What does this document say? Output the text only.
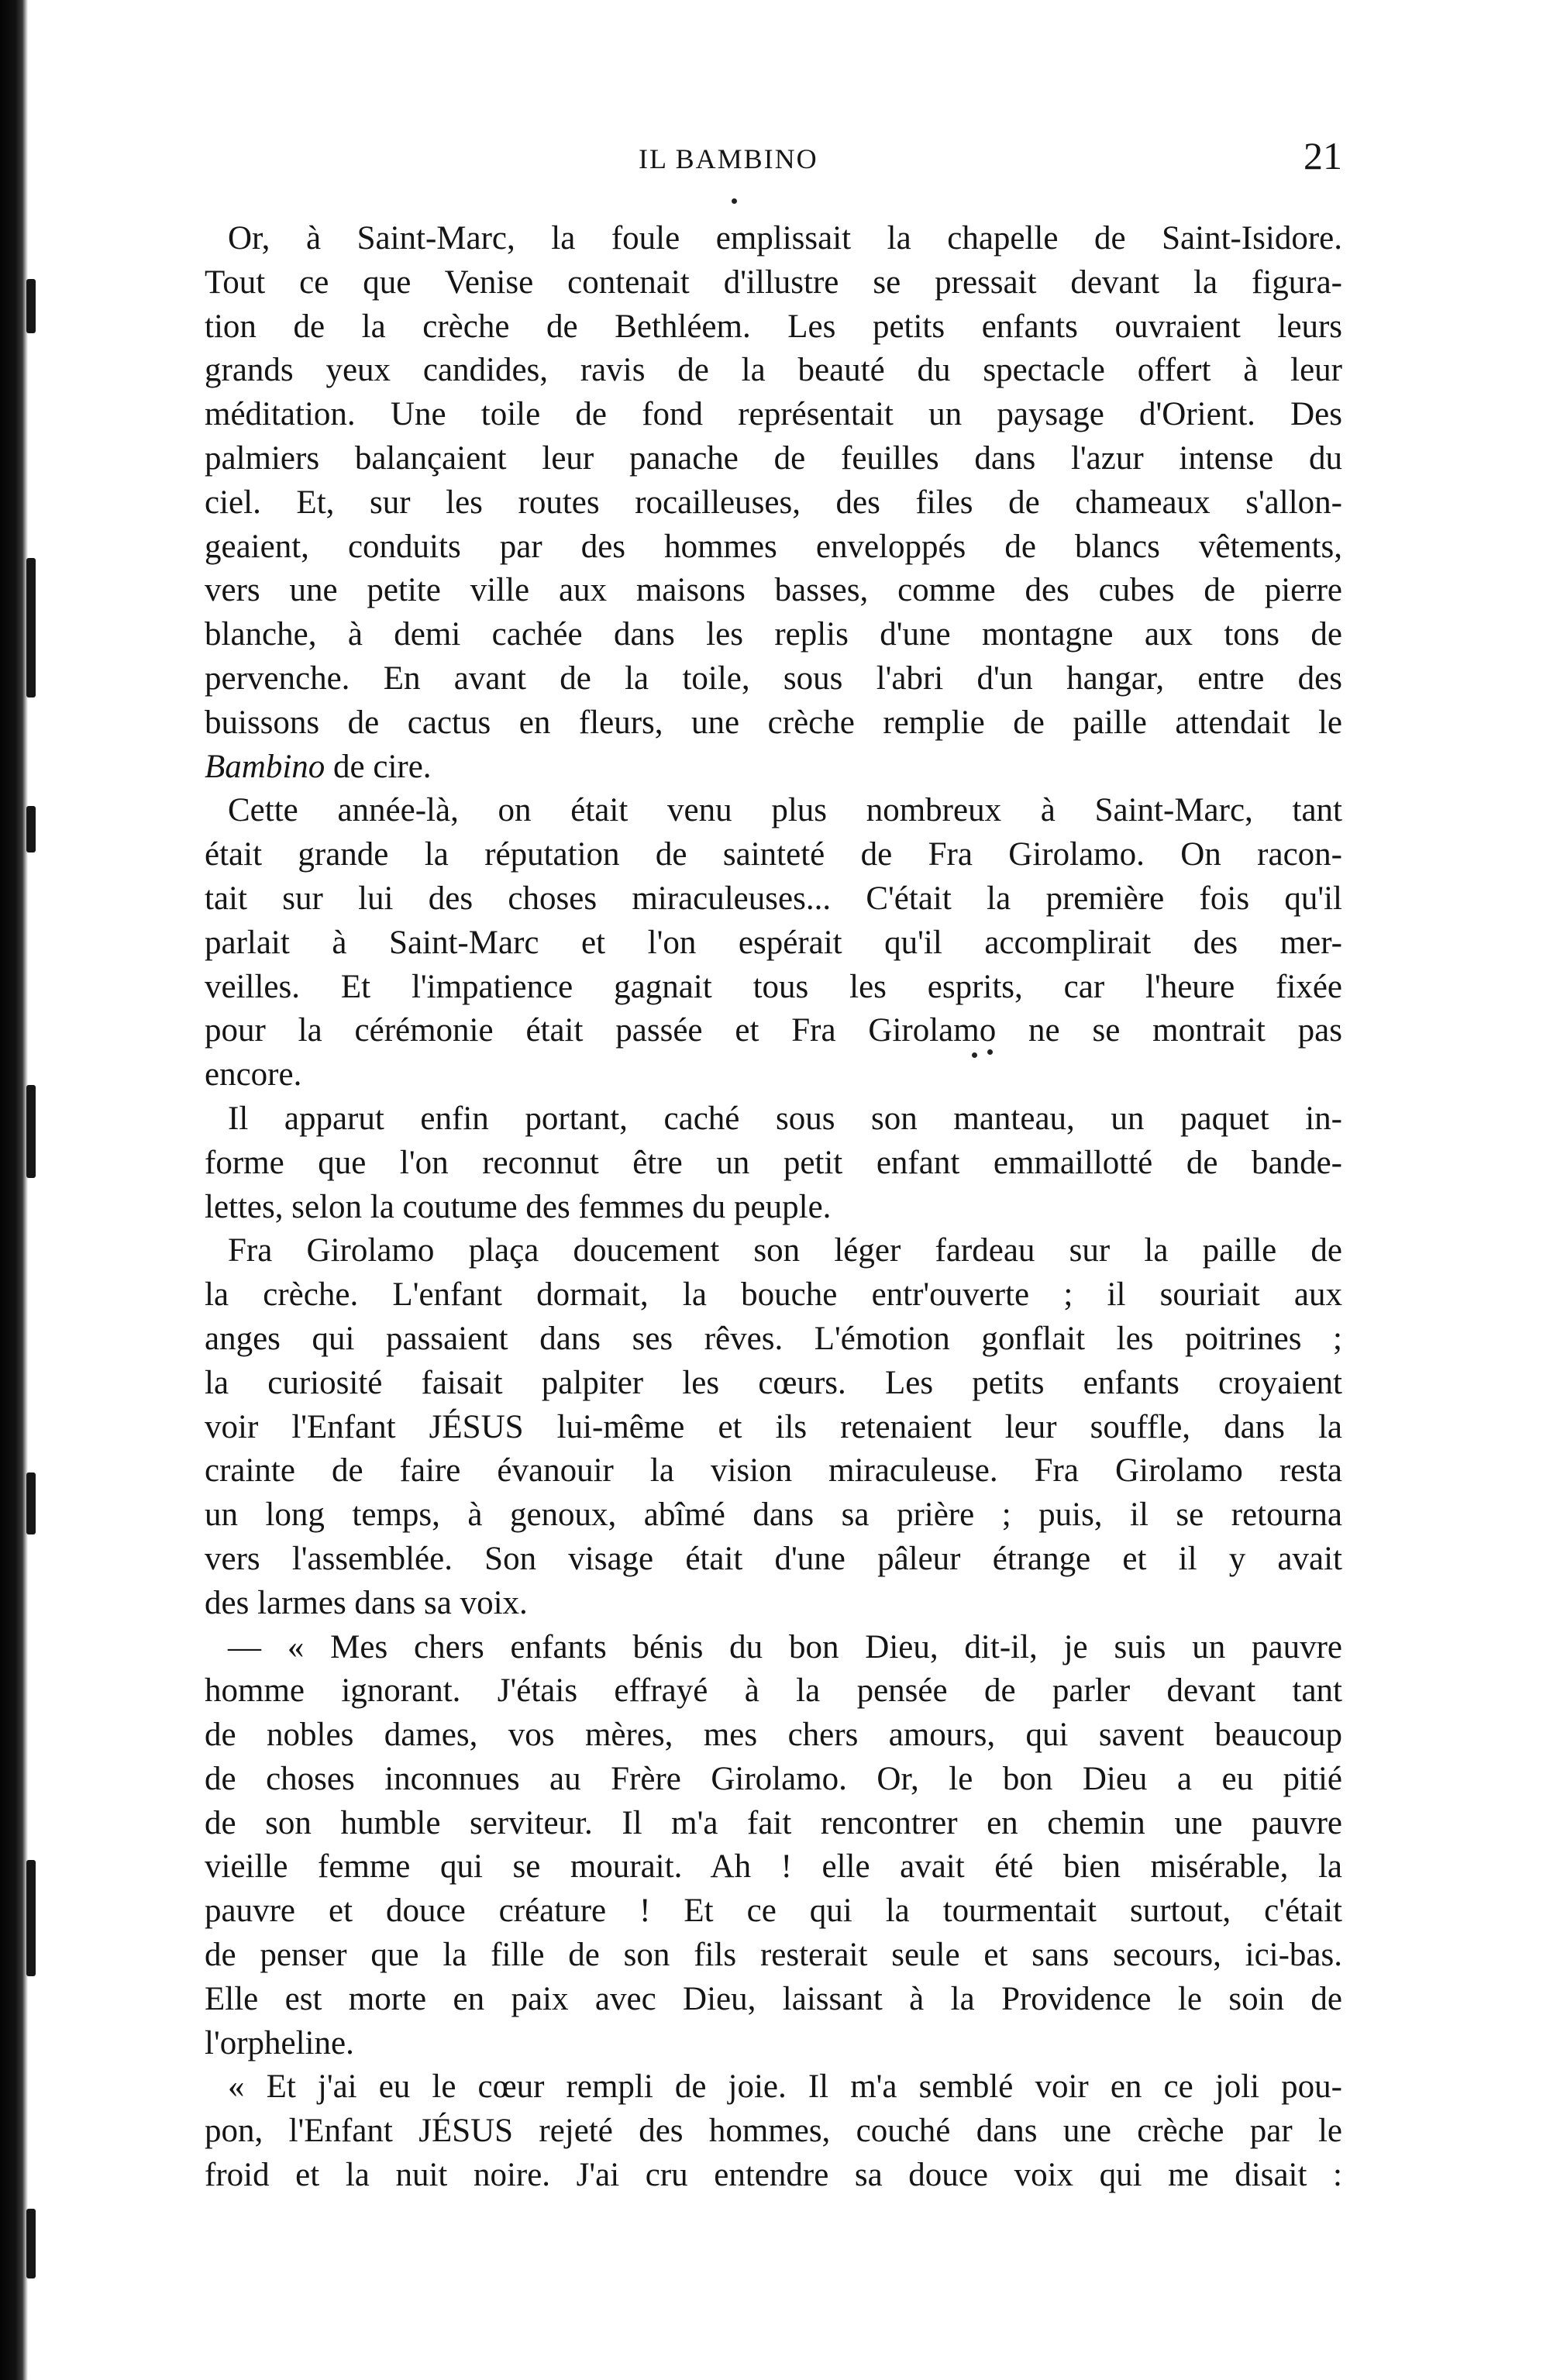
IL BAMBINO	21
Or, à Saint-Marc, la foule emplissait la chapelle de Saint-Isidore.
Tout ce que Venise contenait d'illustre se pressait devant la figura-
tion de la crèche de Bethléem. Les petits enfants ouvraient leurs
grands yeux candides, ravis de la beauté du spectacle offert à leur
méditation. Une toile de fond représentait un paysage d'Orient. Des
palmiers balançaient leur panache de feuilles dans l'azur intense du
ciel. Et, sur les routes rocailleuses, des files de chameaux s'allon-
geaient, conduits par des hommes enveloppés de blancs vêtements,
vers une petite ville aux maisons basses, comme des cubes de pierre
blanche, à demi cachée dans les replis d'une montagne aux tons de
pervenche. En avant de la toile, sous l'abri d'un hangar, entre des
buissons de cactus en fleurs, une crèche remplie de paille attendait le
Bambino de cire.
Cette année-là, on était venu plus nombreux à Saint-Marc, tant
était grande la réputation de sainteté de Fra Girolamo. On racon-
tait sur lui des choses miraculeuses... C'était la première fois qu'il
parlait à Saint-Marc et l'on espérait qu'il accomplirait des mer-
veilles. Et l'impatience gagnait tous les esprits, car l'heure fixée
pour la cérémonie était passée et Fra Girolamo ne se montrait pas
encore.
Il apparut enfin portant, caché sous son manteau, un paquet in-
forme que l'on reconnut être un petit enfant emmaillotté de bande-
lettes, selon la coutume des femmes du peuple.
Fra Girolamo plaça doucement son léger fardeau sur la paille de
la crèche. L'enfant dormait, la bouche entr'ouverte ; il souriait aux
anges qui passaient dans ses rêves. L'émotion gonflait les poitrines ;
la curiosité faisait palpiter les cœurs. Les petits enfants croyaient
voir l'Enfant JÉSUS lui-même et ils retenaient leur souffle, dans la
crainte de faire évanouir la vision miraculeuse. Fra Girolamo resta
un long temps, à genoux, abîmé dans sa prière ; puis, il se retourna
vers l'assemblée. Son visage était d'une pâleur étrange et il y avait
des larmes dans sa voix.
— « Mes chers enfants bénis du bon Dieu, dit-il, je suis un pauvre
homme ignorant. J'étais effrayé à la pensée de parler devant tant
de nobles dames, vos mères, mes chers amours, qui savent beaucoup
de choses inconnues au Frère Girolamo. Or, le bon Dieu a eu pitié
de son humble serviteur. Il m'a fait rencontrer en chemin une pauvre
vieille femme qui se mourait. Ah ! elle avait été bien misérable, la
pauvre et douce créature ! Et ce qui la tourmentait surtout, c'était
de penser que la fille de son fils resterait seule et sans secours, ici-bas.
Elle est morte en paix avec Dieu, laissant à la Providence le soin de
l'orpheline.
« Et j'ai eu le cœur rempli de joie. Il m'a semblé voir en ce joli pou-
pon, l'Enfant JÉSUS rejeté des hommes, couché dans une crèche par le
froid et la nuit noire. J'ai cru entendre sa douce voix qui me disait :
